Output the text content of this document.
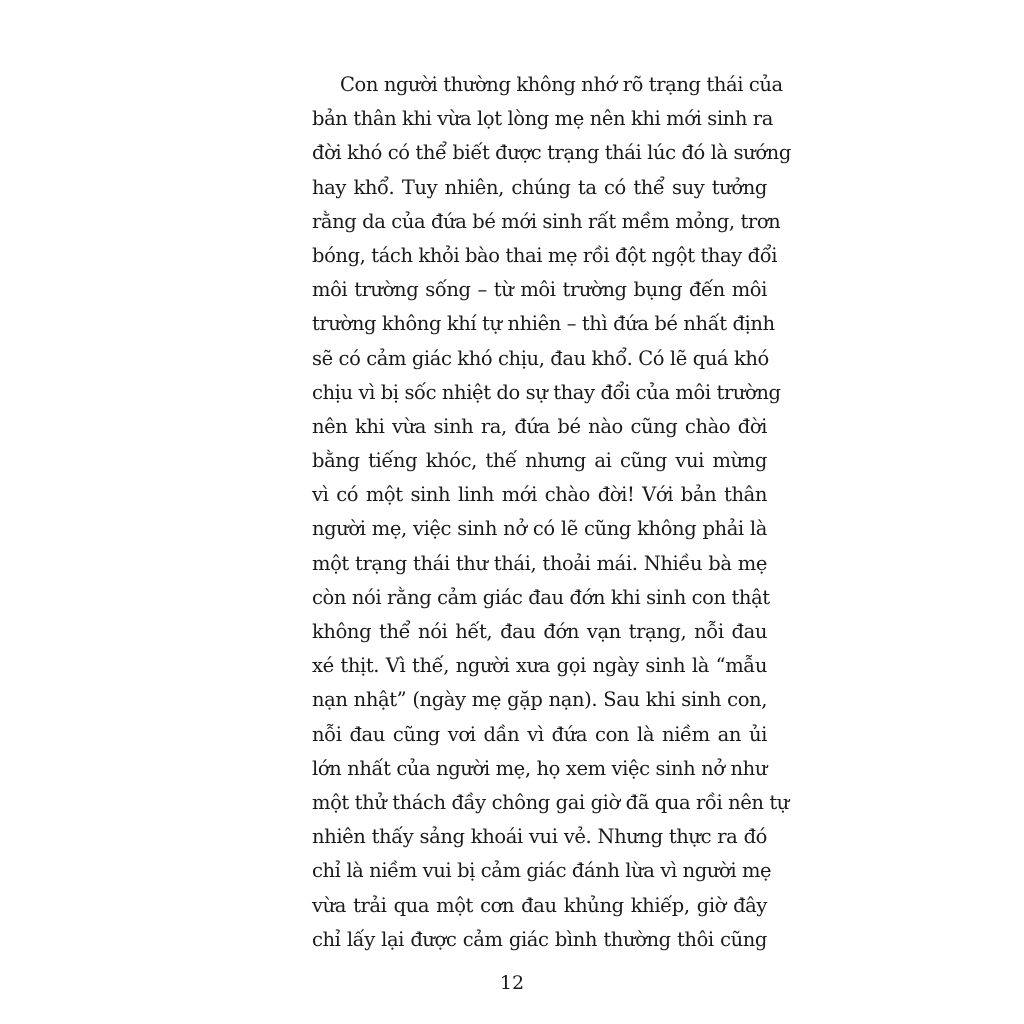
Con người thường không nhớ rõ trạng thái của
bản thân khi vừa lọt lòng mẹ nên khi mới sinh ra
đời khó có thể biết được trạng thái lúc đó là sướng
hay khổ. Tuy nhiên, chúng ta có thể suy tưởng
rằng da của đứa bé mới sinh rất mềm mỏng, trơn
bóng, tách khỏi bào thai mẹ rồi đột ngột thay đổi
môi trường sống – từ môi trường bụng đến môi
trường không khí tự nhiên – thì đứa bé nhất định
sẽ có cảm giác khó chịu, đau khổ. Có lẽ quá khó
chịu vì bị sốc nhiệt do sự thay đổi của môi trường
nên khi vừa sinh ra, đứa bé nào cũng chào đời
bằng tiếng khóc, thế nhưng ai cũng vui mừng
vì có một sinh linh mới chào đời! Với bản thân
người mẹ, việc sinh nở có lẽ cũng không phải là
một trạng thái thư thái, thoải mái. Nhiều bà mẹ
còn nói rằng cảm giác đau đớn khi sinh con thật
không thể nói hết, đau đớn vạn trạng, nỗi đau
xé thịt. Vì thế, người xưa gọi ngày sinh là “mẫu
nạn nhật” (ngày mẹ gặp nạn). Sau khi sinh con,
nỗi đau cũng vơi dần vì đứa con là niềm an ủi
lớn nhất của người mẹ, họ xem việc sinh nở như
một thử thách đầy chông gai giờ đã qua rồi nên tự
nhiên thấy sảng khoái vui vẻ. Nhưng thực ra đó
chỉ là niềm vui bị cảm giác đánh lừa vì người mẹ
vừa trải qua một cơn đau khủng khiếp, giờ đây
chỉ lấy lại được cảm giác bình thường thôi cũng
12
